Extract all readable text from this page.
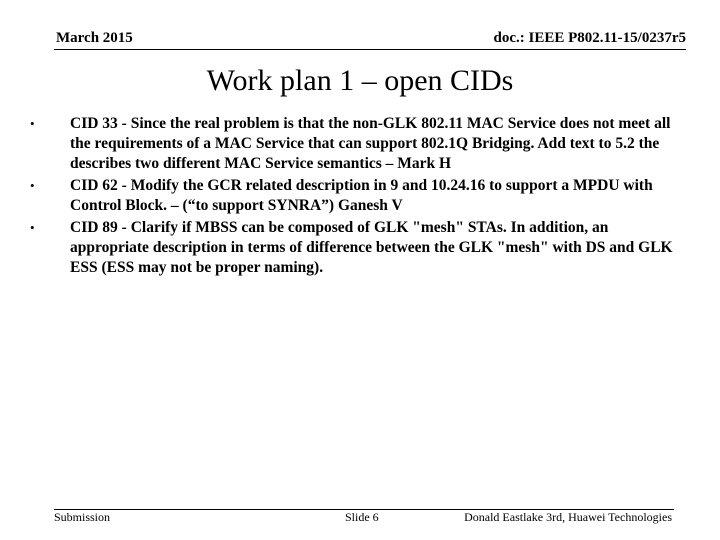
March 2015	doc.: IEEE P802.11-15/0237r5
Work plan 1 – open CIDs
• CID 33 - Since the real problem is that the non-GLK 802.11 MAC Service does not meet all the requirements of a MAC Service that can support 802.1Q Bridging. Add text to 5.2 the describes two different MAC Service semantics – Mark H
• CID 62 - Modify the GCR related description in 9 and 10.24.16 to support a MPDU with Control Block. – (“to support SYNRA”) Ganesh V
• CID 89 - Clarify if MBSS can be composed of GLK "mesh" STAs. In addition, an appropriate description in terms of difference between the GLK "mesh" with DS and GLK ESS (ESS may not be proper naming).
Submission	Slide 6	Donald Eastlake 3rd, Huawei Technologies
